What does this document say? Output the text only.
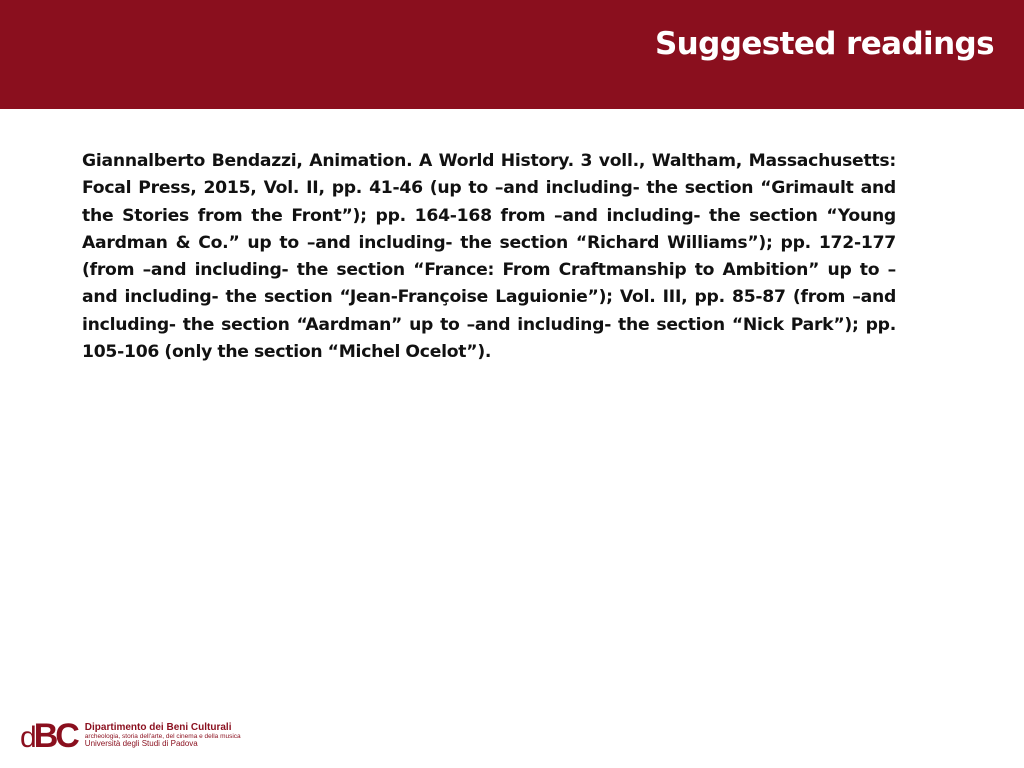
Suggested readings

Giannalberto Bendazzi, Animation. A World History. 3 voll., Waltham, Massachusetts: Focal Press, 2015, Vol. II, pp. 41-46 (up to –and including- the section “Grimault and the Stories from the Front”); pp. 164-168 from –and including- the section “Young Aardman & Co.” up to –and including- the section “Richard Williams”); pp. 172-177 (from –and including- the section “France: From Craftmanship to Ambition” up to – and including- the section “Jean-Françoise Laguionie”); Vol. III, pp. 85-87 (from –and including- the section “Aardman” up to –and including- the section “Nick Park”); pp. 105-106 (only the section “Michel Ocelot”).

dBC Dipartimento dei Beni Culturali
archeologia, storia dell'arte, del cinema e della musica
Università degli Studi di Padova
